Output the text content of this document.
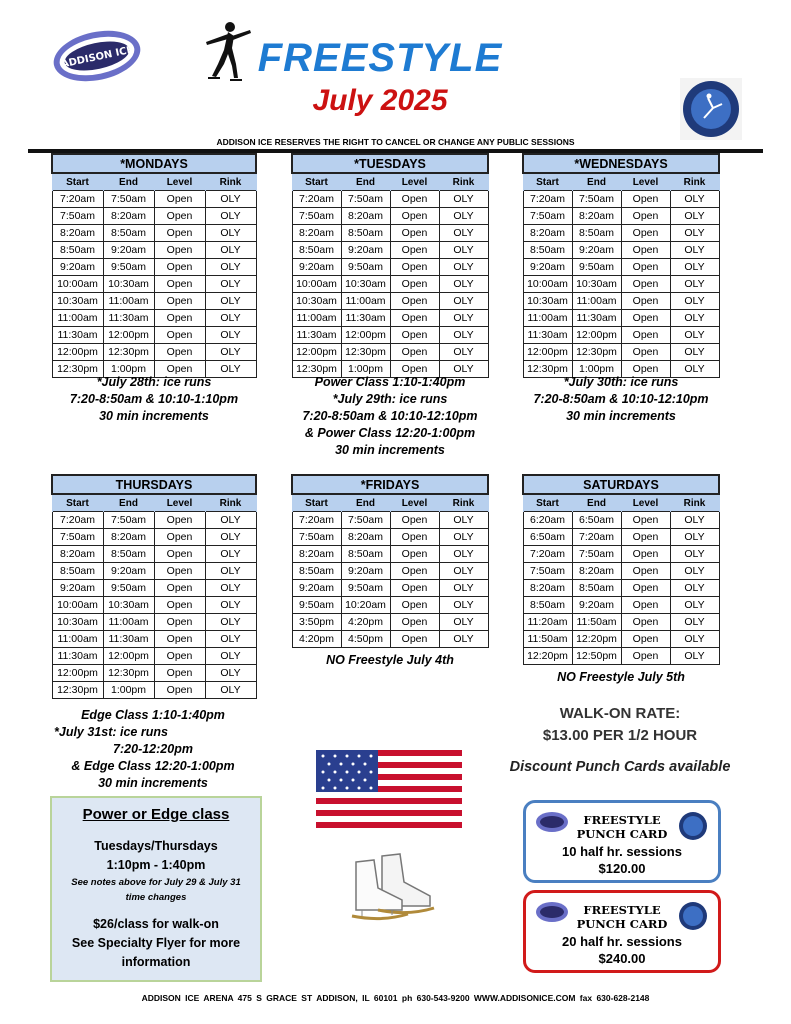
ADDISON ICE	FREESTYLE
July 2025
ADDISON ICE RESERVES THE RIGHT TO CANCEL OR CHANGE ANY PUBLIC SESSIONS
*MONDAYS			
Start	End	Level	Rink
7:20am	7:50am	Open	OLY
7:50am	8:20am	Open	OLY
8:20am	8:50am	Open	OLY
8:50am	9:20am	Open	OLY
9:20am	9:50am	Open	OLY
10:00am	10:30am	Open	OLY
10:30am	11:00am	Open	OLY
11:00am	11:30am	Open	OLY
11:30am	12:00pm	Open	OLY
12:00pm	12:30pm	Open	OLY
12:30pm	1:00pm	Open	OLY
*TUESDAYS			
Start	End	Level	Rink
7:20am	7:50am	Open	OLY
7:50am	8:20am	Open	OLY
8:20am	8:50am	Open	OLY
8:50am	9:20am	Open	OLY
9:20am	9:50am	Open	OLY
10:00am	10:30am	Open	OLY
10:30am	11:00am	Open	OLY
11:00am	11:30am	Open	OLY
11:30am	12:00pm	Open	OLY
12:00pm	12:30pm	Open	OLY
12:30pm	1:00pm	Open	OLY
*WEDNESDAYS			
Start	End	Level	Rink
7:20am	7:50am	Open	OLY
7:50am	8:20am	Open	OLY
8:20am	8:50am	Open	OLY
8:50am	9:20am	Open	OLY
9:20am	9:50am	Open	OLY
10:00am	10:30am	Open	OLY
10:30am	11:00am	Open	OLY
11:00am	11:30am	Open	OLY
11:30am	12:00pm	Open	OLY
12:00pm	12:30pm	Open	OLY
12:30pm	1:00pm	Open	OLY
THURSDAYS			
Start	End	Level	Rink
7:20am	7:50am	Open	OLY
7:50am	8:20am	Open	OLY
8:20am	8:50am	Open	OLY
8:50am	9:20am	Open	OLY
9:20am	9:50am	Open	OLY
10:00am	10:30am	Open	OLY
10:30am	11:00am	Open	OLY
11:00am	11:30am	Open	OLY
11:30am	12:00pm	Open	OLY
12:00pm	12:30pm	Open	OLY
12:30pm	1:00pm	Open	OLY
*FRIDAYS			
Start	End	Level	Rink
7:20am	7:50am	Open	OLY
7:50am	8:20am	Open	OLY
8:20am	8:50am	Open	OLY
8:50am	9:20am	Open	OLY
9:20am	9:50am	Open	OLY
9:50am	10:20am	Open	OLY
3:50pm	4:20pm	Open	OLY
4:20pm	4:50pm	Open	OLY
SATURDAYS			
Start	End	Level	Rink
6:20am	6:50am	Open	OLY
6:50am	7:20am	Open	OLY
7:20am	7:50am	Open	OLY
7:50am	8:20am	Open	OLY
8:20am	8:50am	Open	OLY
8:50am	9:20am	Open	OLY
11:20am	11:50am	Open	OLY
11:50am	12:20pm	Open	OLY
12:20pm	12:50pm	Open	OLY
*July 28th: ice runs
7:20-8:50am & 10:10-1:10pm
30 min increments
Power Class 1:10-1:40pm
*July 29th: ice runs
7:20-8:50am & 10:10-12:10pm
& Power Class 12:20-1:00pm
30 min increments
*July 30th: ice runs
7:20-8:50am & 10:10-12:10pm
30 min increments
Edge Class 1:10-1:40pm
*July 31st: ice runs
7:20-12:20pm
& Edge Class 12:20-1:00pm
30 min increments
NO Freestyle July 4th
NO Freestyle July 5th
WALK-ON RATE:
$13.00 PER 1/2 HOUR
Discount Punch Cards available
Power or Edge class
Tuesdays/Thursdays
1:10pm - 1:40pm
See notes above for July 29 & July 31 time changes
$26/class for walk-on
See Specialty Flyer for more information
FREESTYLE
PUNCH CARD
10 half hr. sessions
$120.00
FREESTYLE
PUNCH CARD
20 half hr. sessions
$240.00
ADDISON ICE ARENA 475 S GRACE ST ADDISON, IL 60101 ph 630-543-9200 WWW.ADDISONICE.COM fax 630-628-2148
